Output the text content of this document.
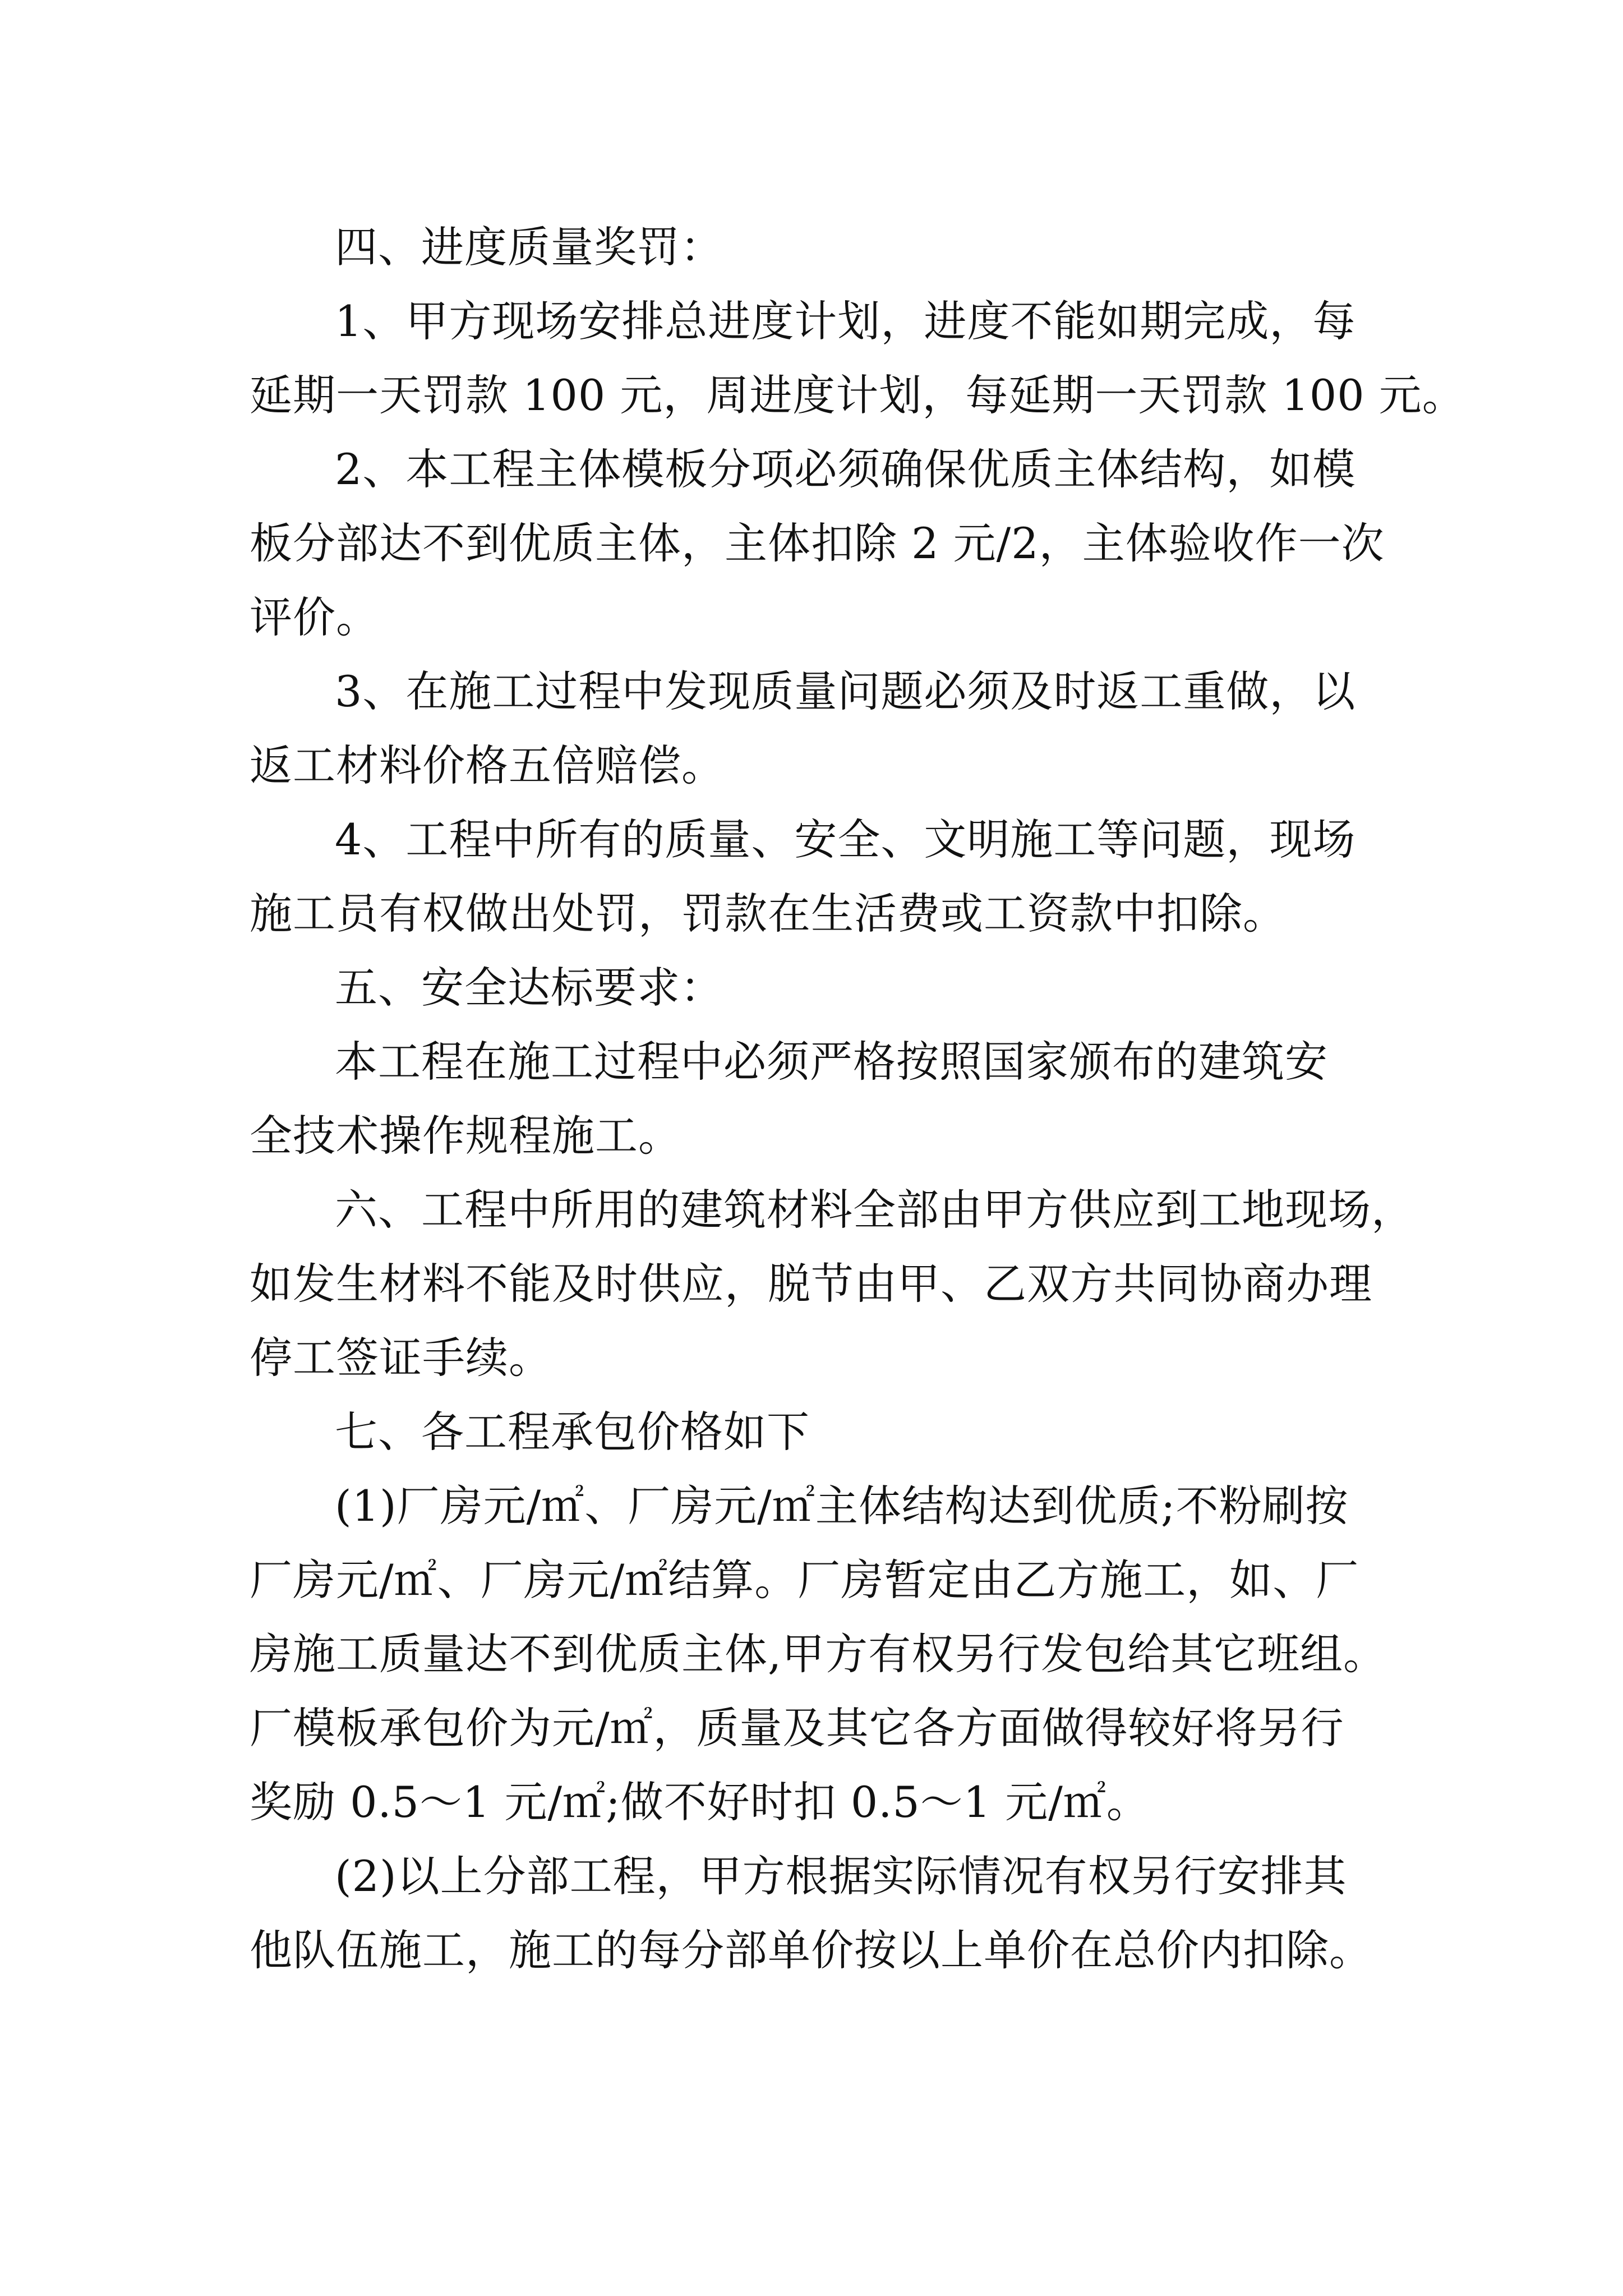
四、进度质量奖罚：

1、甲方现场安排总进度计划，进度不能如期完成，每
延期一天罚款 100 元，周进度计划，每延期一天罚款 100 元。

2、本工程主体模板分项必须确保优质主体结构，如模
板分部达不到优质主体，主体扣除 2 元/2，主体验收作一次
评价。

3、在施工过程中发现质量问题必须及时返工重做，以
返工材料价格五倍赔偿。

4、工程中所有的质量、安全、文明施工等问题，现场
施工员有权做出处罚，罚款在生活费或工资款中扣除。

五、安全达标要求：

本工程在施工过程中必须严格按照国家颁布的建筑安
全技术操作规程施工。

六、工程中所用的建筑材料全部由甲方供应到工地现场，
如发生材料不能及时供应，脱节由甲、乙双方共同协商办理
停工签证手续。

七、各工程承包价格如下

(1)厂房元/㎡、厂房元/㎡主体结构达到优质;不粉刷按
厂房元/㎡、厂房元/㎡结算。厂房暂定由乙方施工，如、厂
房施工质量达不到优质主体,甲方有权另行发包给其它班组。
厂模板承包价为元/㎡，质量及其它各方面做得较好将另行
奖励 0.5～1 元/㎡;做不好时扣 0.5～1 元/㎡。

(2)以上分部工程，甲方根据实际情况有权另行安排其
他队伍施工，施工的每分部单价按以上单价在总价内扣除。
